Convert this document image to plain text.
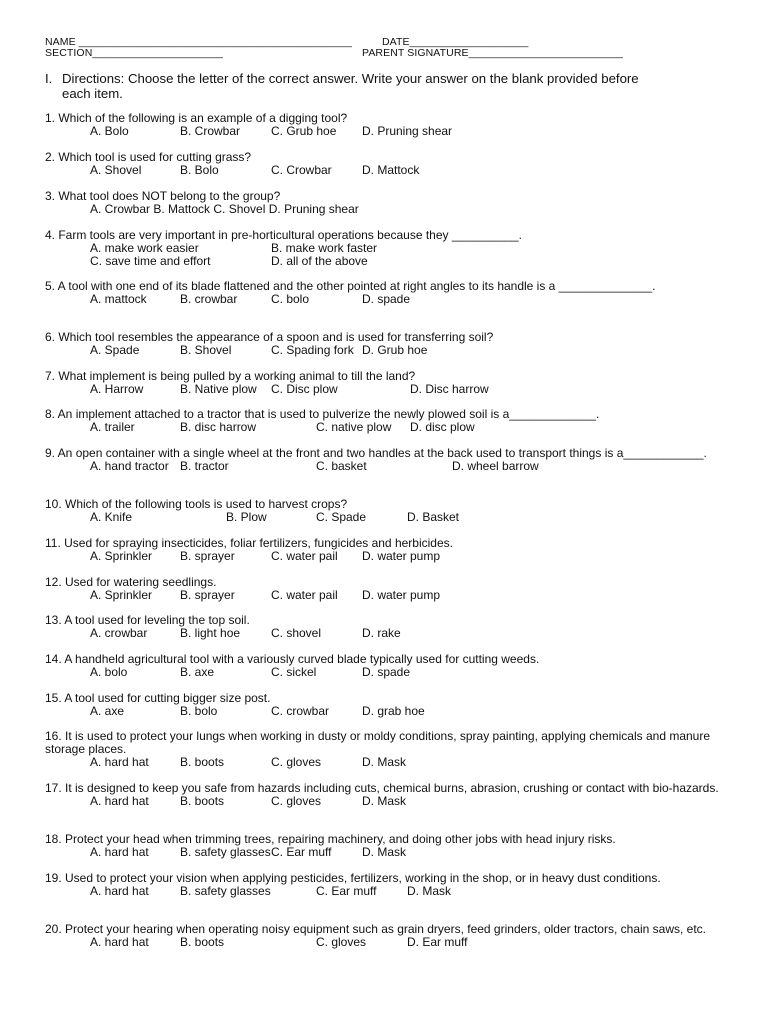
NAME ______________________________________________	DATE____________________
SECTION______________________	PARENT SIGNATURE__________________________
I. Directions: Choose the letter of the correct answer. Write your answer on the blank provided before
each item.
1. Which of the following is an example of a digging tool?
A. Bolo	B. Crowbar	C. Grub hoe D. Pruning shear
2. Which tool is used for cutting grass?
A. Shovel	B. Bolo	C. Crowbar	D. Mattock
3. What tool does NOT belong to the group?
A. Crowbar B. Mattock C. Shovel D. Pruning shear
4. Farm tools are very important in pre-horticultural operations because they __________.
A. make work easier	B. make work faster
C. save time and effort	D. all of the above
5. A tool with one end of its blade flattened and the other pointed at right angles to its handle is a ______________.
A. mattock	B. crowbar	C. bolo	D. spade
6. Which tool resembles the appearance of a spoon and is used for transferring soil?
A. Spade	B. Shovel	C. Spading fork D. Grub hoe
7. What implement is being pulled by a working animal to till the land?
A. Harrow	B. Native plow C. Disc plow	D. Disc harrow
8. An implement attached to a tractor that is used to pulverize the newly plowed soil is a_____________.
A. trailer	B. disc harrow	C. native plow D. disc plow
9. An open container with a single wheel at the front and two handles at the back used to transport things is a____________.
A. hand tractor B. tractor	C. basket	D. wheel barrow
10. Which of the following tools is used to harvest crops?
A. Knife	B. Plow	C. Spade	D. Basket
11. Used for spraying insecticides, foliar fertilizers, fungicides and herbicides.
A. Sprinkler B. sprayer	C. water pail D. water pump
12. Used for watering seedlings.
A. Sprinkler B. sprayer	C. water pail D. water pump
13. A tool used for leveling the top soil.
A. crowbar	B. light hoe	C. shovel	D. rake
14. A handheld agricultural tool with a variously curved blade typically used for cutting weeds.
A. bolo	B. axe	C. sickel	D. spade
15. A tool used for cutting bigger size post.
A. axe	B. bolo	C. crowbar	D. grab hoe
16. It is used to protect your lungs when working in dusty or moldy conditions, spray painting, applying chemicals and manure storage places.
A. hard hat	B. boots	C. gloves	D. Mask
17. It is designed to keep you safe from hazards including cuts, chemical burns, abrasion, crushing or contact with bio-hazards.
A. hard hat	B. boots	C. gloves	D. Mask
18. Protect your head when trimming trees, repairing machinery, and doing other jobs with head injury risks.
A. hard hat	B. safety glasses C. Ear muff	D. Mask
19. Used to protect your vision when applying pesticides, fertilizers, working in the shop, or in heavy dust conditions.
A. hard hat	B. safety glasses	C. Ear muff	D. Mask
20. Protect your hearing when operating noisy equipment such as grain dryers, feed grinders, older tractors, chain saws, etc.
A. hard hat	B. boots	C. gloves	D. Ear muff
